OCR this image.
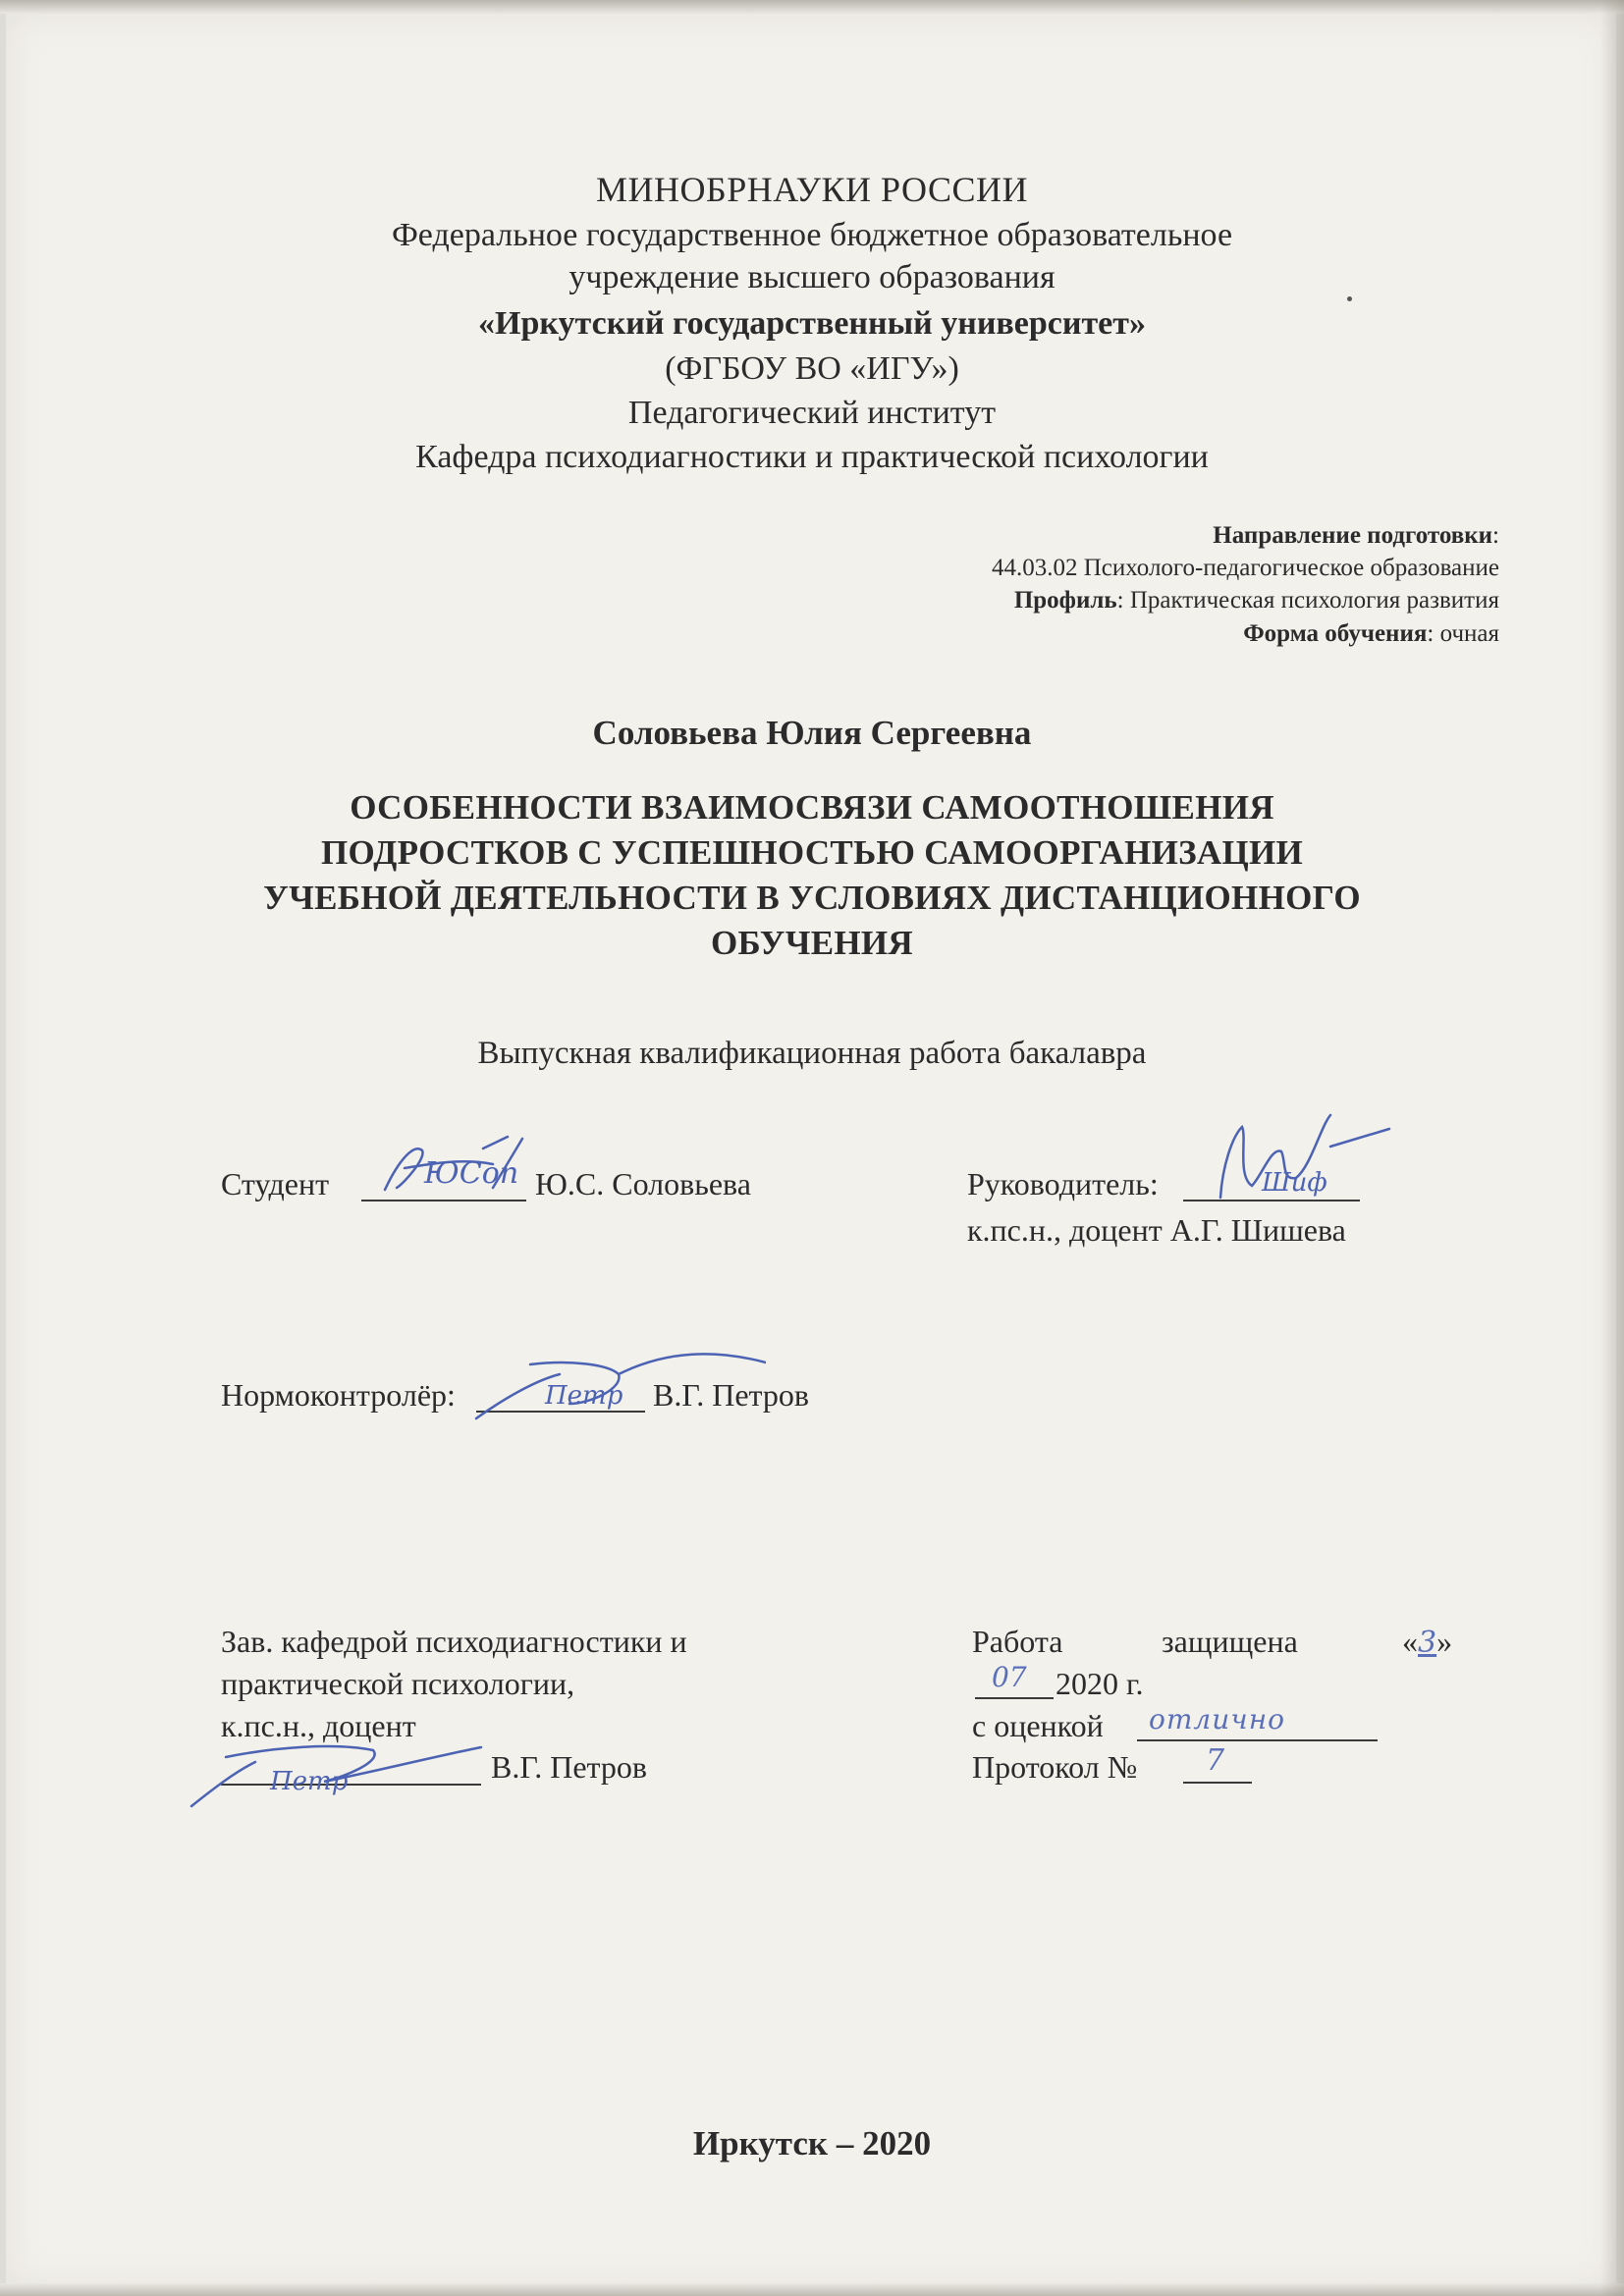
МИНОБРНАУКИ РОССИИ
Федеральное государственное бюджетное образовательное
учреждение высшего образования
«Иркутский государственный университет»
(ФГБОУ ВО «ИГУ»)
Педагогический институт
Кафедра психодиагностики и практической психологии
Направление подготовки:
44.03.02 Психолого-педагогическое образование
Профиль: Практическая психология развития
Форма обучения: очная
Соловьева Юлия Сергеевна
ОСОБЕННОСТИ ВЗАИМОСВЯЗИ САМООТНОШЕНИЯ
ПОДРОСТКОВ С УСПЕШНОСТЬЮ САМООРГАНИЗАЦИИ
УЧЕБНОЙ ДЕЯТЕЛЬНОСТИ В УСЛОВИЯХ ДИСТАНЦИОННОГО
ОБУЧЕНИЯ
Выпускная квалификационная работа бакалавра
Студент	ЮСоп Ю.С. Соловьева	Руководитель:	Шиф
к.пс.н., доцент А.Г. Шишева
Нормоконтролёр:	Петр В.Г. Петров
Зав. кафедрой психодиагностики и
практической психологии,
к.пс.н., доцент
Петр	В.Г. Петров
Работа	защищена	«3»
07 2020 г.
с оценкой отлично
Протокол № 7
Иркутск – 2020
